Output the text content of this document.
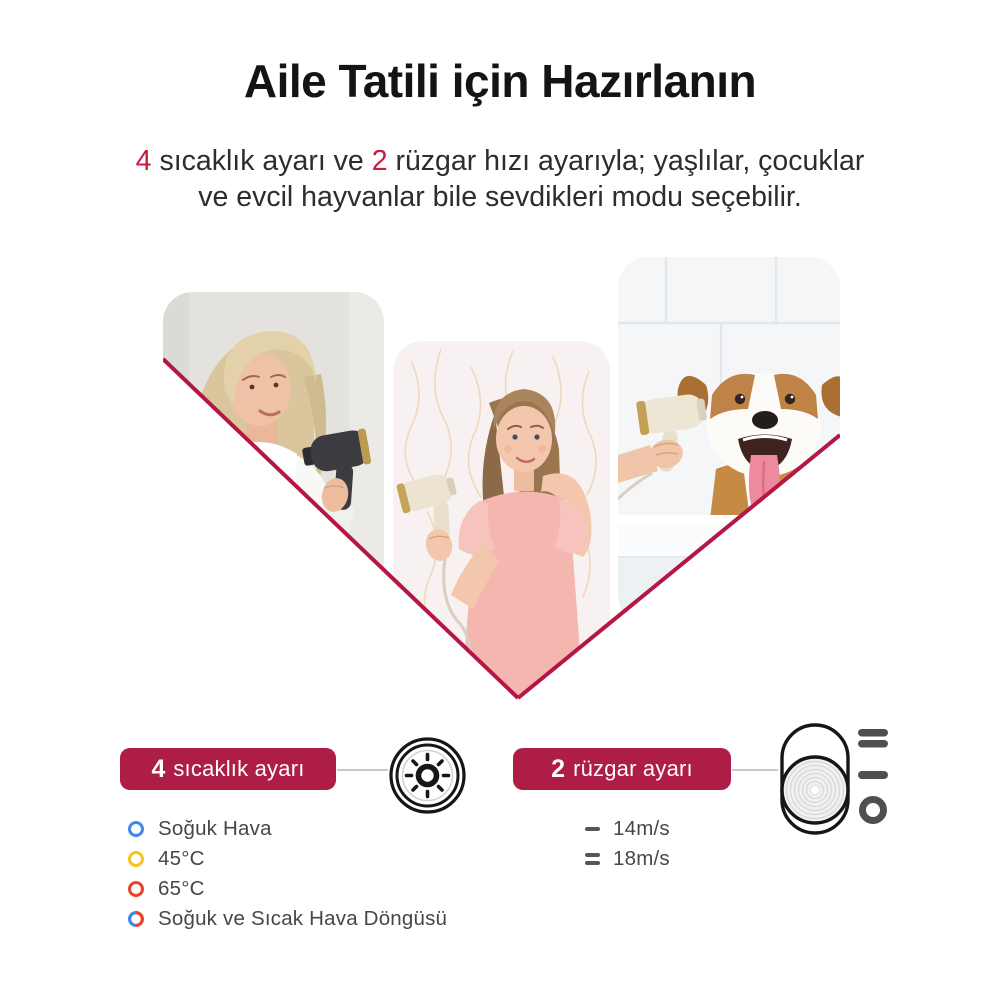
Aile Tatili için Hazırlanın
4 sıcaklık ayarı ve 2 rüzgar hızı ayarıyla; yaşlılar, çocuklar
ve evcil hayvanlar bile sevdikleri modu seçebilir.
4 sıcaklık ayarı
Soğuk Hava
45°C
65°C
Soğuk ve Sıcak Hava Döngüsü
2 rüzgar ayarı
14m/s
18m/s
